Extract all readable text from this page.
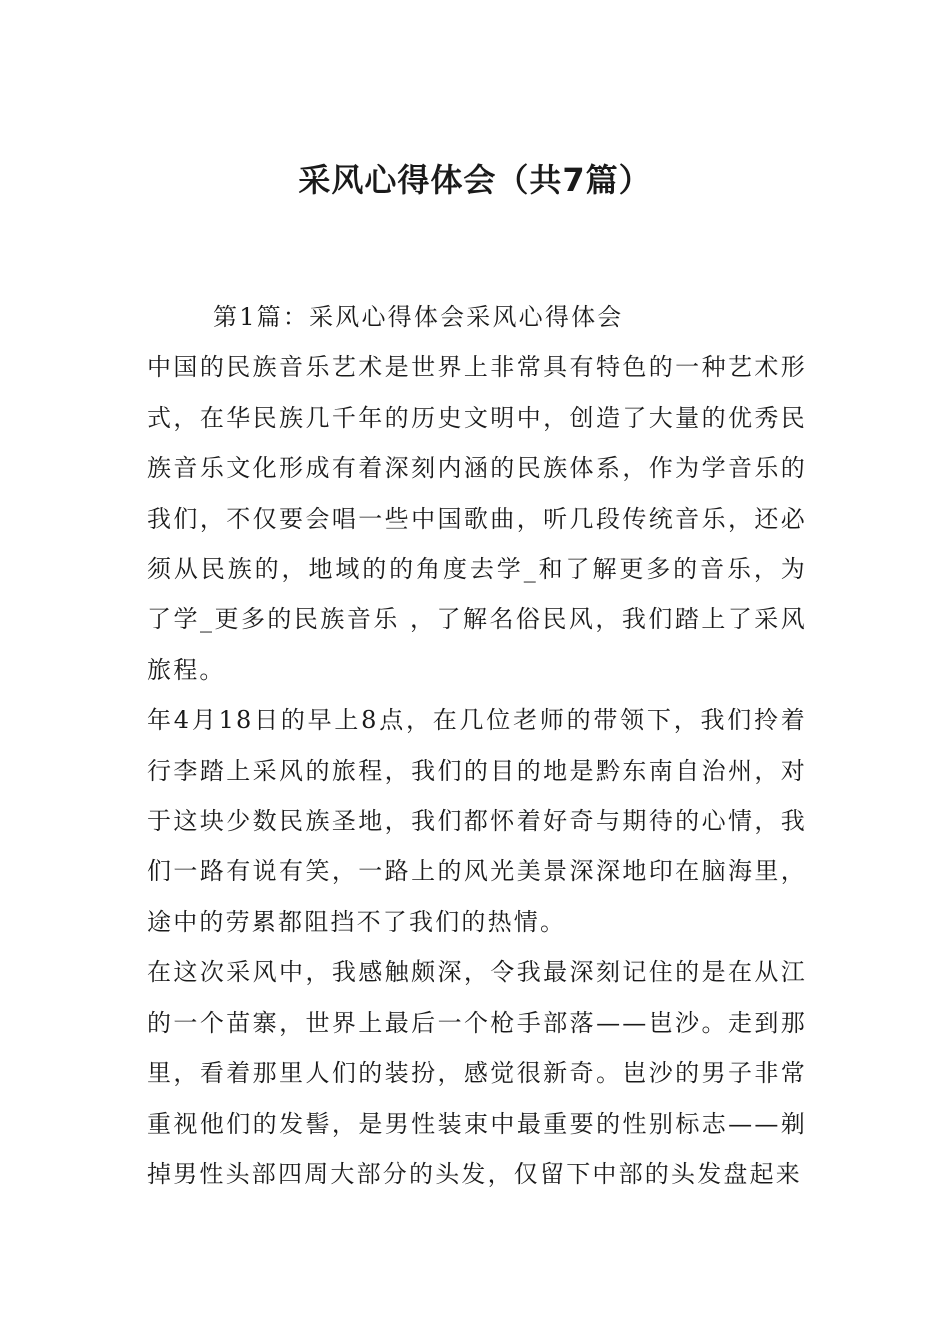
采风心得体会（共7篇）

第1篇：采风心得体会采风心得体会

中国的民族音乐艺术是世界上非常具有特色的一种艺术形式，在华民族几千年的历史文明中，创造了大量的优秀民族音乐文化形成有着深刻内涵的民族体系，作为学音乐的我们，不仅要会唱一些中国歌曲，听几段传统音乐，还必须从民族的，地域的的角度去学_和了解更多的音乐，为了学_更多的民族音乐 ，了解名俗民风，我们踏上了采风旅程。

年4月18日的早上8点，在几位老师的带领下，我们拎着行李踏上采风的旅程，我们的目的地是黔东南自治州，对于这块少数民族圣地，我们都怀着好奇与期待的心情，我们一路有说有笑，一路上的风光美景深深地印在脑海里，途中的劳累都阻挡不了我们的热情。

在这次采风中，我感触颇深，令我最深刻记住的是在从江的一个苗寨，世界上最后一个枪手部落——岜沙。走到那里，看着那里人们的装扮，感觉很新奇。岜沙的男子非常重视他们的发髻，是男性装束中最重要的性别标志——剃掉男性头部四周大部分的头发，仅留下中部的头发盘起来
